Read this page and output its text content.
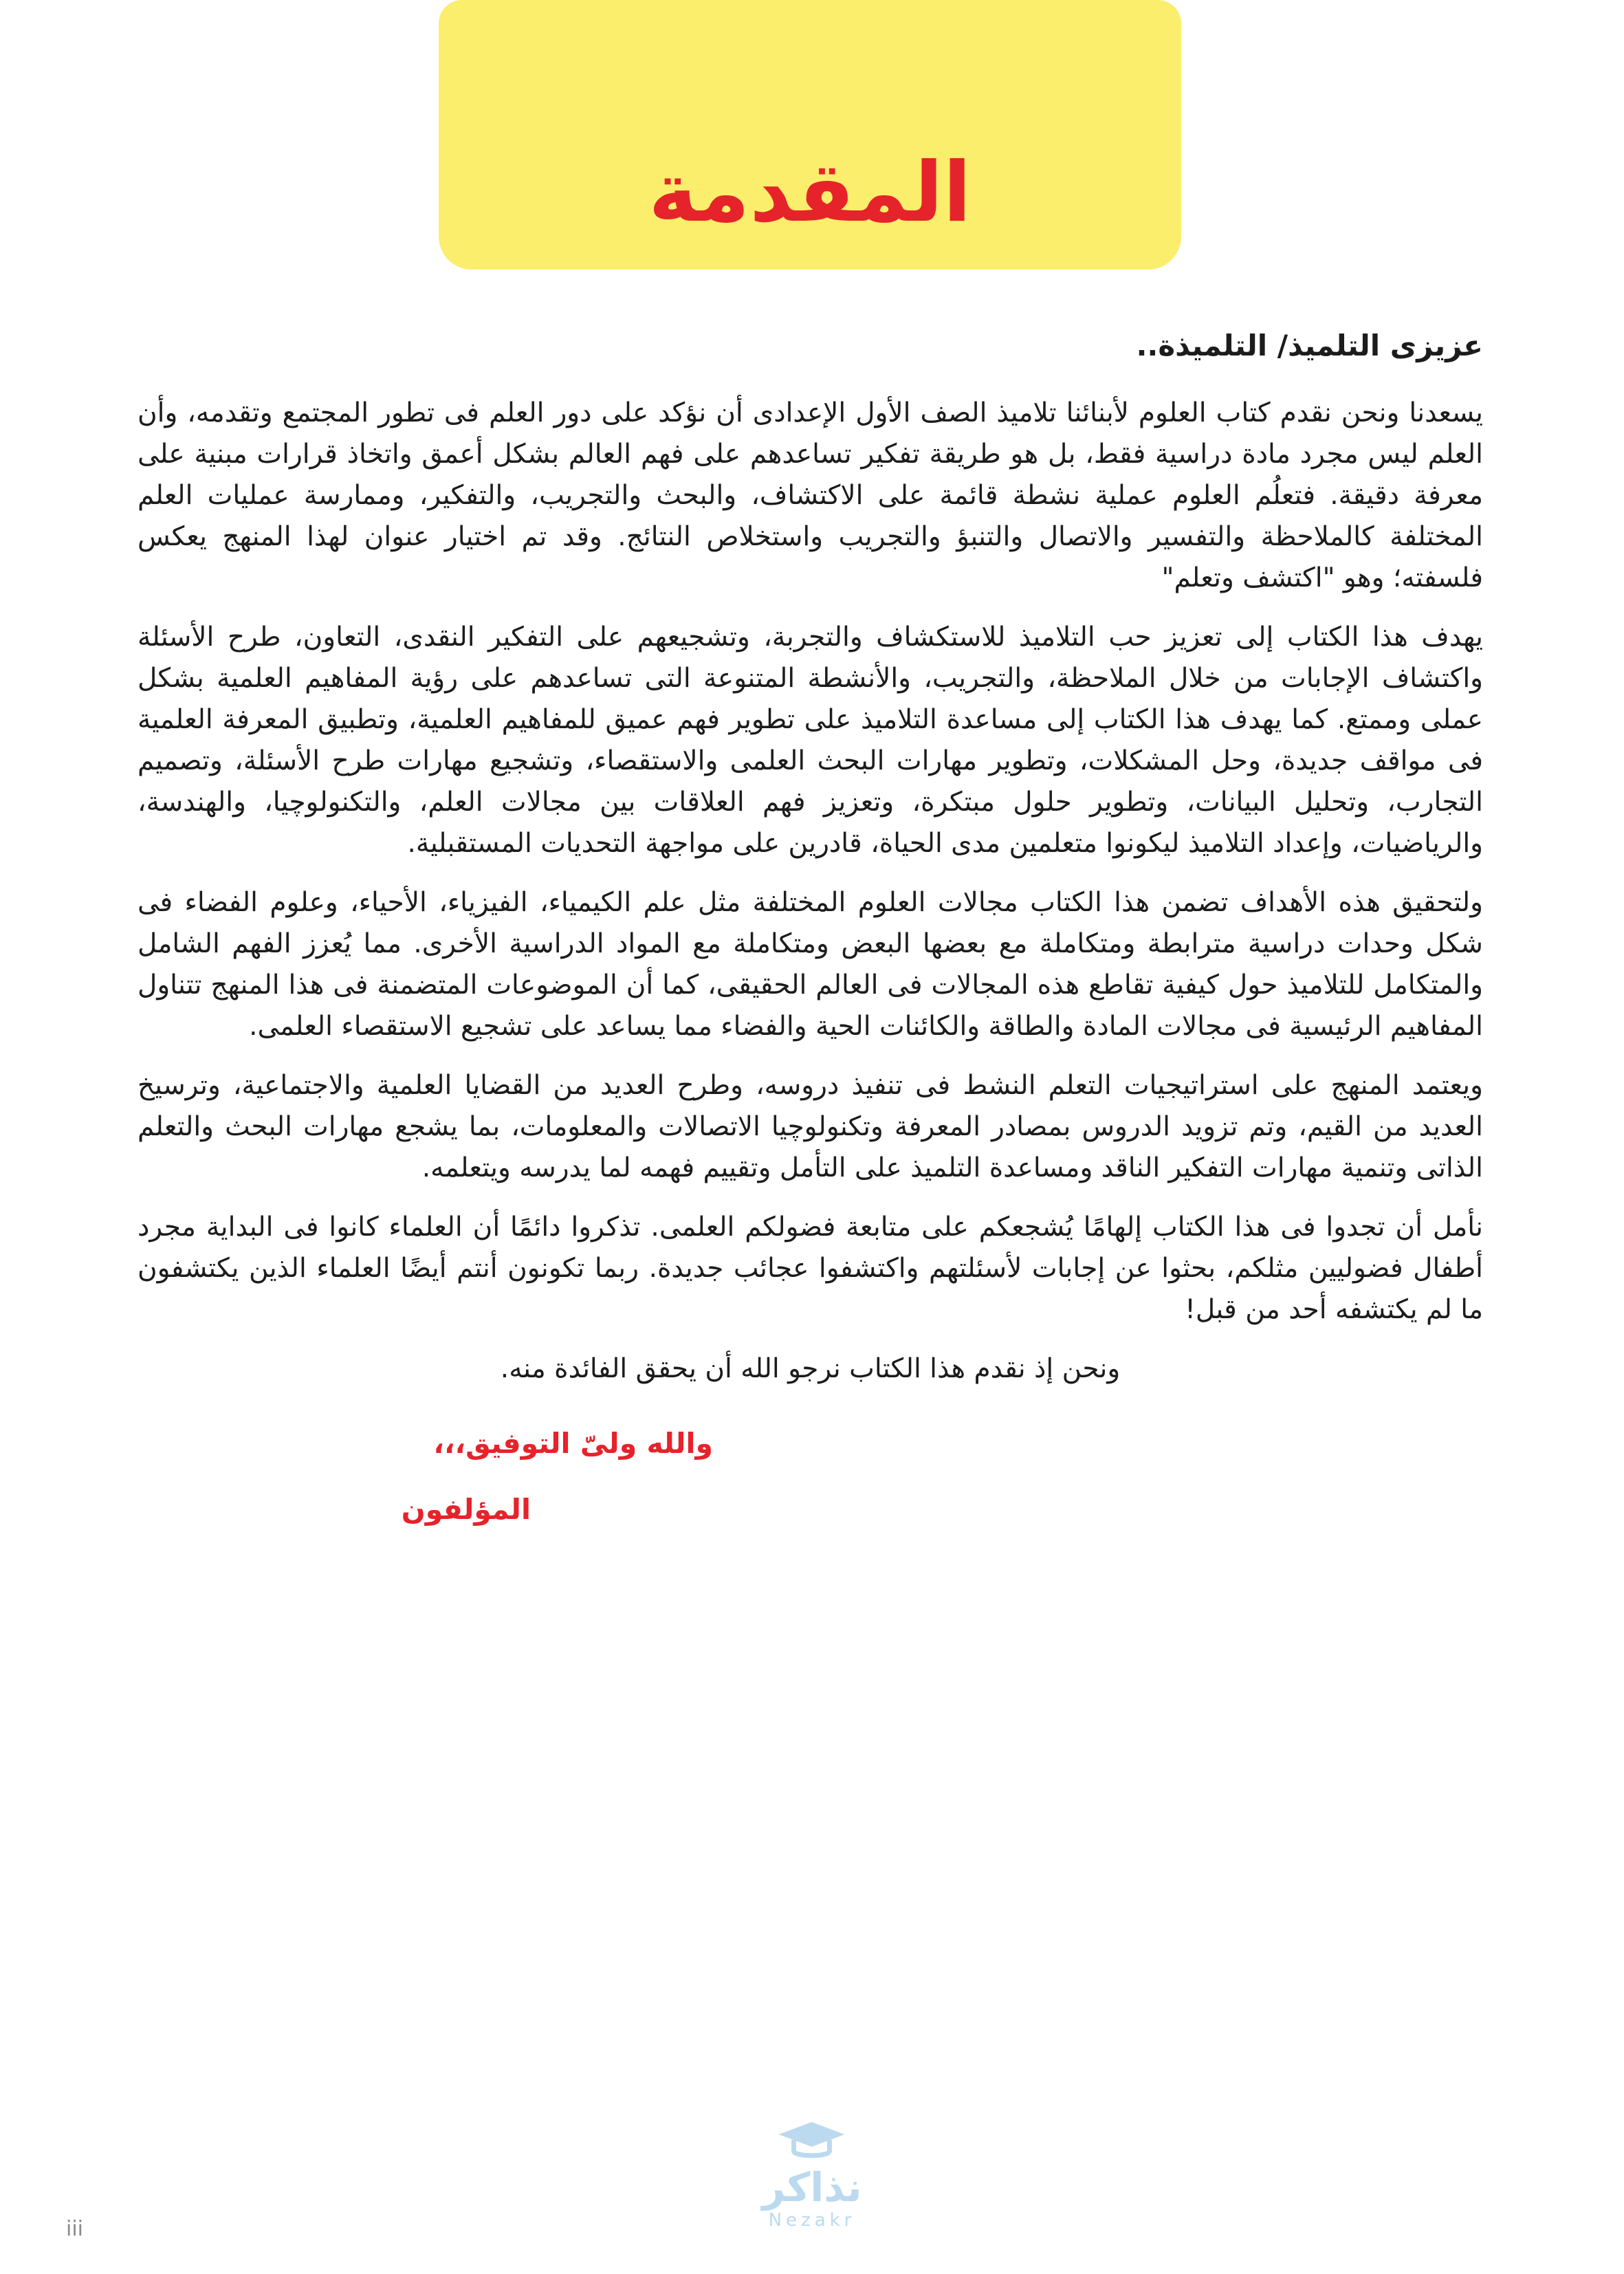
المقدمة

عزيزى التلميذ/ التلميذة..

يسعدنا ونحن نقدم كتاب العلوم لأبنائنا تلاميذ الصف الأول الإعدادى أن نؤكد على دور العلم فى تطور المجتمع وتقدمه، وأن العلم ليس مجرد مادة دراسية فقط، بل هو طريقة تفكير تساعدهم على فهم العالم بشكل أعمق واتخاذ قرارات مبنية على معرفة دقيقة. فتعلُم العلوم عملية نشطة قائمة على الاكتشاف، والبحث والتجريب، والتفكير، وممارسة عمليات العلم المختلفة كالملاحظة والتفسير والاتصال والتنبؤ والتجريب واستخلاص النتائج. وقد تم اختيار عنوان لهذا المنهج يعكس فلسفته؛ وهو "اكتشف وتعلم"

يهدف هذا الكتاب إلى تعزيز حب التلاميذ للاستكشاف والتجربة، وتشجيعهم على التفكير النقدى، التعاون، طرح الأسئلة واكتشاف الإجابات من خلال الملاحظة، والتجريب، والأنشطة المتنوعة التى تساعدهم على رؤية المفاهيم العلمية بشكل عملى وممتع. كما يهدف هذا الكتاب إلى مساعدة التلاميذ على تطوير فهم عميق للمفاهيم العلمية، وتطبيق المعرفة العلمية فى مواقف جديدة، وحل المشكلات، وتطوير مهارات البحث العلمى والاستقصاء، وتشجيع مهارات طرح الأسئلة، وتصميم التجارب، وتحليل البيانات، وتطوير حلول مبتكرة، وتعزيز فهم العلاقات بين مجالات العلم، والتكنولوچيا، والهندسة، والرياضيات، وإعداد التلاميذ ليكونوا متعلمين مدى الحياة، قادرين على مواجهة التحديات المستقبلية.

ولتحقيق هذه الأهداف تضمن هذا الكتاب مجالات العلوم المختلفة مثل علم الكيمياء، الفيزياء، الأحياء، وعلوم الفضاء فى شكل وحدات دراسية مترابطة ومتكاملة مع بعضها البعض ومتكاملة مع المواد الدراسية الأخرى. مما يُعزز الفهم الشامل والمتكامل للتلاميذ حول كيفية تقاطع هذه المجالات فى العالم الحقيقى، كما أن الموضوعات المتضمنة فى هذا المنهج تتناول المفاهيم الرئيسية فى مجالات المادة والطاقة والكائنات الحية والفضاء مما يساعد على تشجيع الاستقصاء العلمى.

ويعتمد المنهج على استراتيجيات التعلم النشط فى تنفيذ دروسه، وطرح العديد من القضايا العلمية والاجتماعية، وترسيخ العديد من القيم، وتم تزويد الدروس بمصادر المعرفة وتكنولوچيا الاتصالات والمعلومات، بما يشجع مهارات البحث والتعلم الذاتى وتنمية مهارات التفكير الناقد ومساعدة التلميذ على التأمل وتقييم فهمه لما يدرسه ويتعلمه.

نأمل أن تجدوا فى هذا الكتاب إلهامًا يُشجعكم على متابعة فضولكم العلمى. تذكروا دائمًا أن العلماء كانوا فى البداية مجرد أطفال فضوليين مثلكم، بحثوا عن إجابات لأسئلتهم واكتشفوا عجائب جديدة. ربما تكونون أنتم أيضًا العلماء الذين يكتشفون ما لم يكتشفه أحد من قبل!

ونحن إذ نقدم هذا الكتاب نرجو الله أن يحقق الفائدة منه.

والله ولىّ التوفيق،،،

المؤلفون

نذاكر
Nezakr
iii
